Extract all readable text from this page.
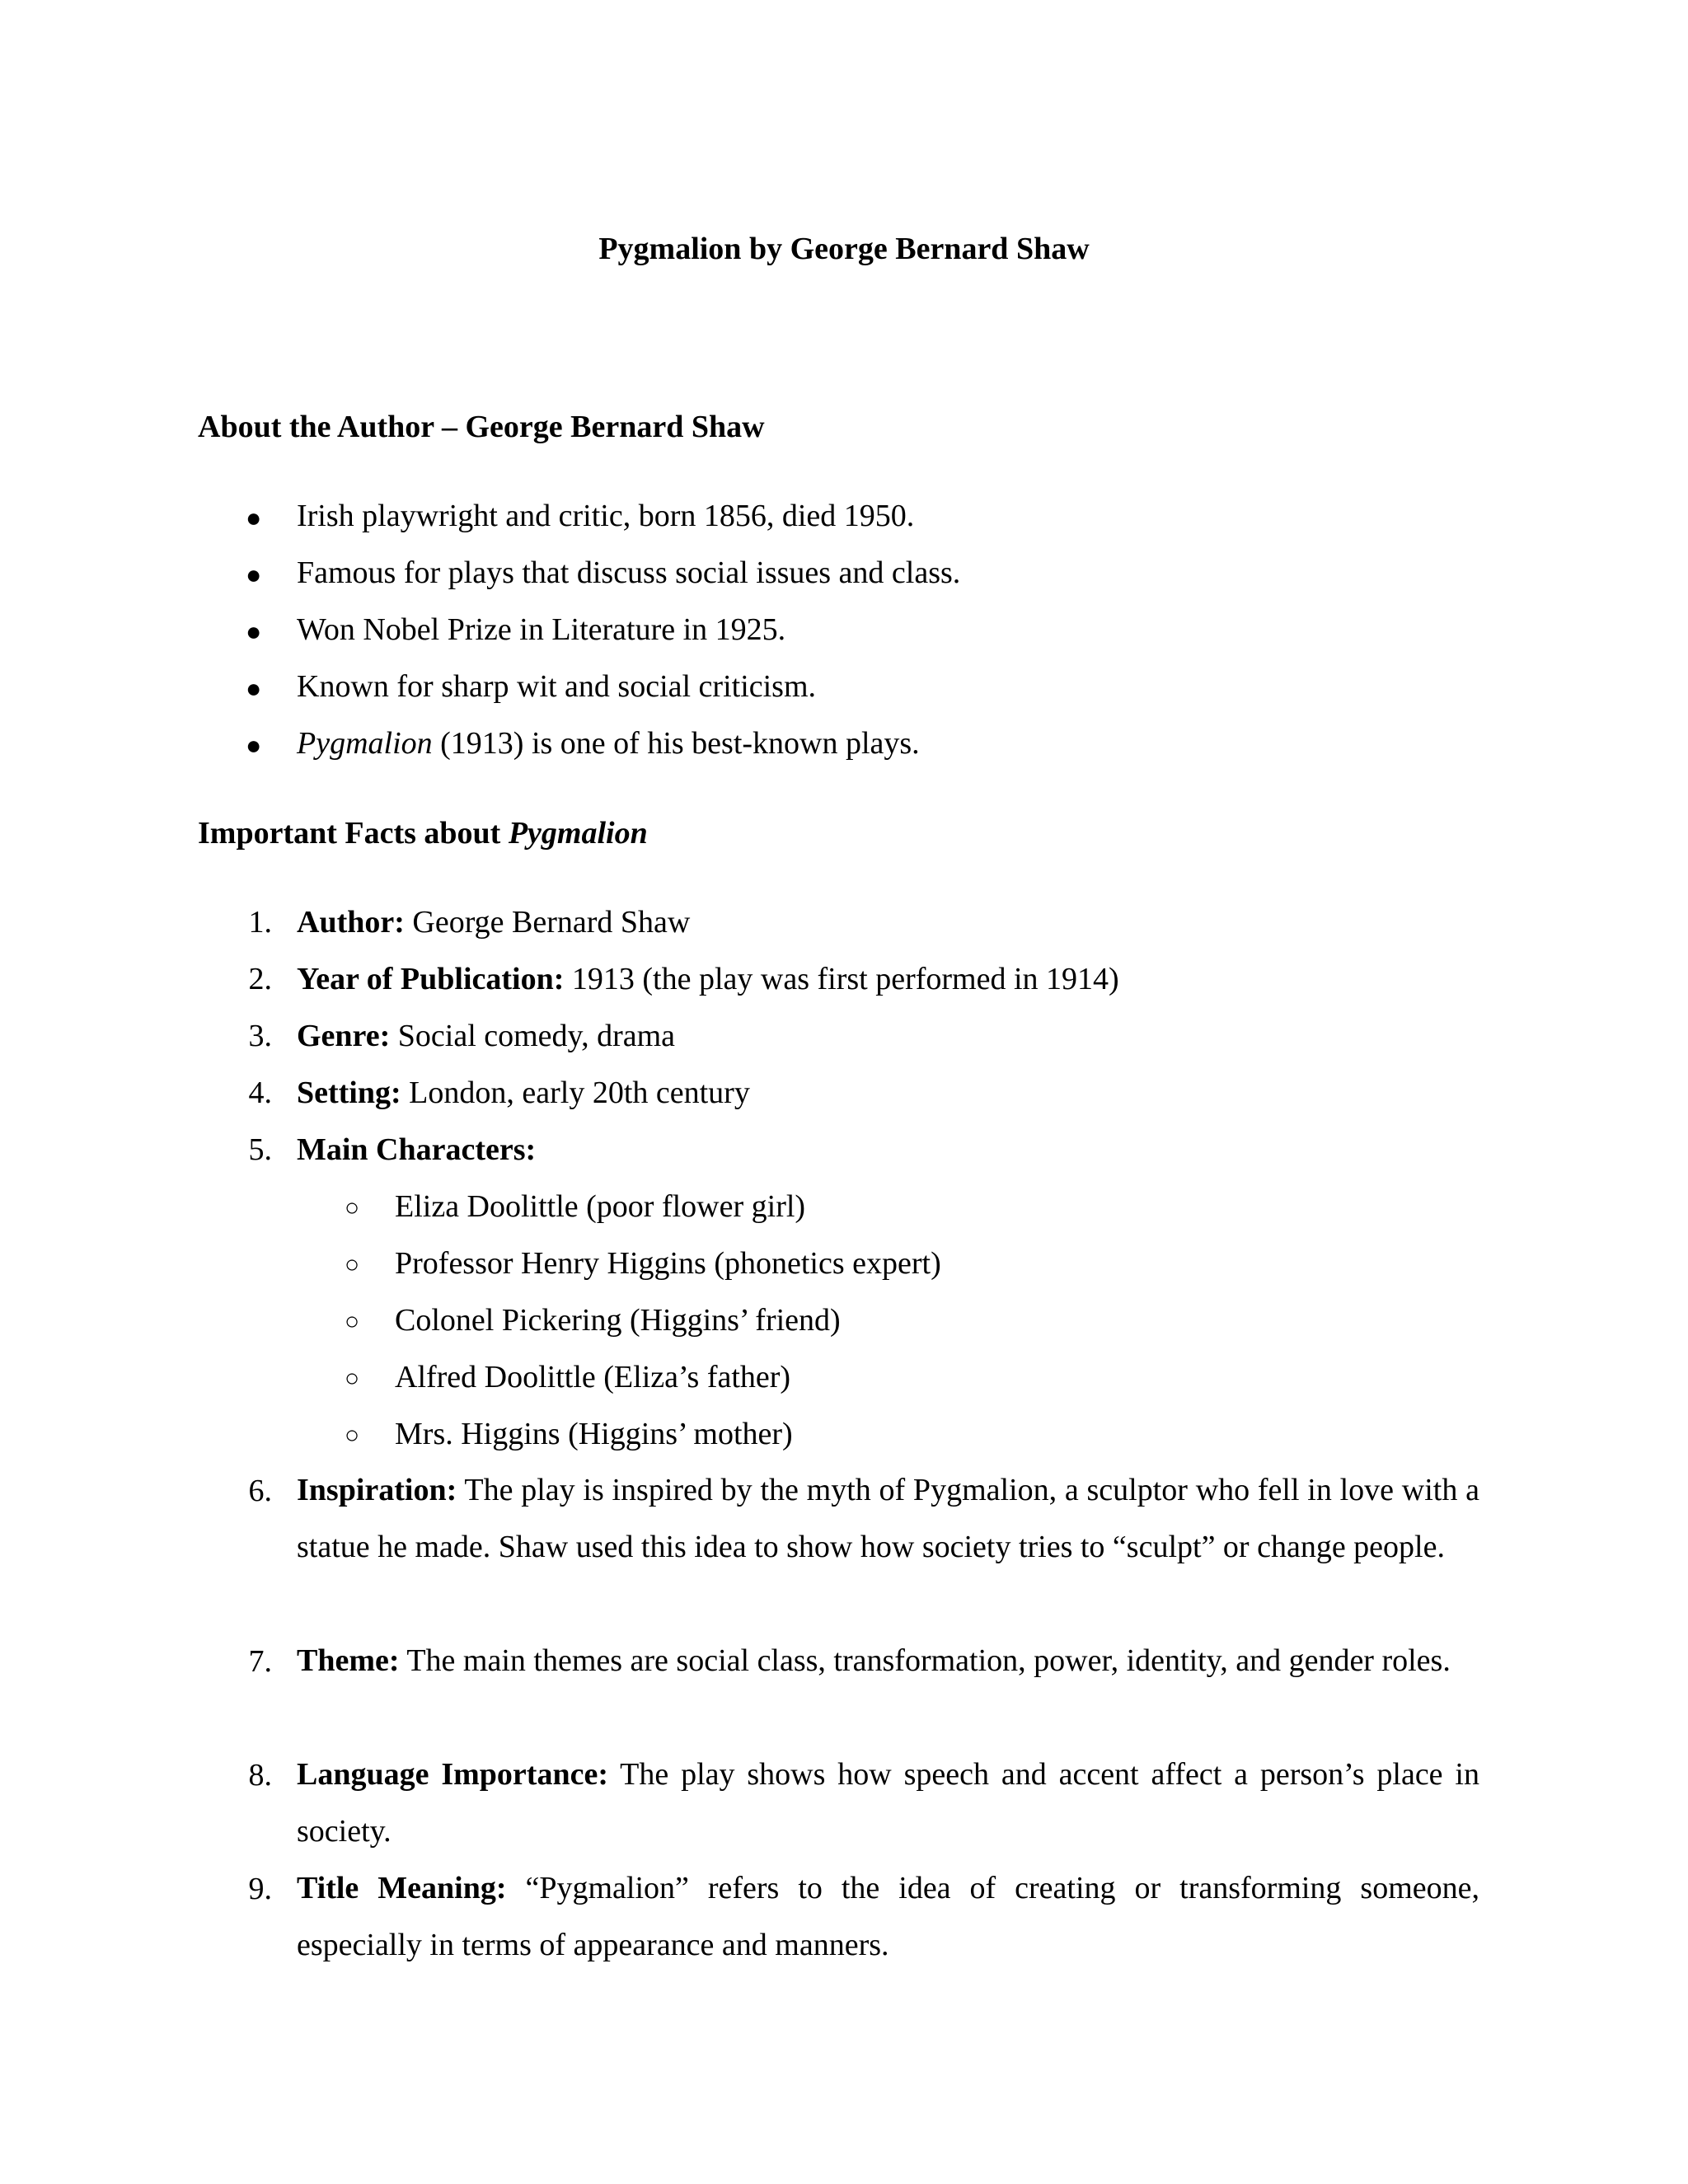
Pygmalion by George Bernard Shaw
About the Author – George Bernard Shaw
● Irish playwright and critic, born 1856, died 1950.
● Famous for plays that discuss social issues and class.
● Won Nobel Prize in Literature in 1925.
● Known for sharp wit and social criticism.
● Pygmalion (1913) is one of his best-known plays.
Important Facts about Pygmalion
1. Author: George Bernard Shaw
2. Year of Publication: 1913 (the play was first performed in 1914)
3. Genre: Social comedy, drama
4. Setting: London, early 20th century
5. Main Characters:
○ Eliza Doolittle (poor flower girl)
○ Professor Henry Higgins (phonetics expert)
○ Colonel Pickering (Higgins’ friend)
○ Alfred Doolittle (Eliza’s father)
○ Mrs. Higgins (Higgins’ mother)
6. Inspiration: The play is inspired by the myth of Pygmalion, a sculptor who fell in love with a statue he made. Shaw used this idea to show how society tries to “sculpt” or change people.
7. Theme: The main themes are social class, transformation, power, identity, and gender roles.
8. Language Importance: The play shows how speech and accent affect a person’s place in society.
9. Title Meaning: “Pygmalion” refers to the idea of creating or transforming someone, especially in terms of appearance and manners.
